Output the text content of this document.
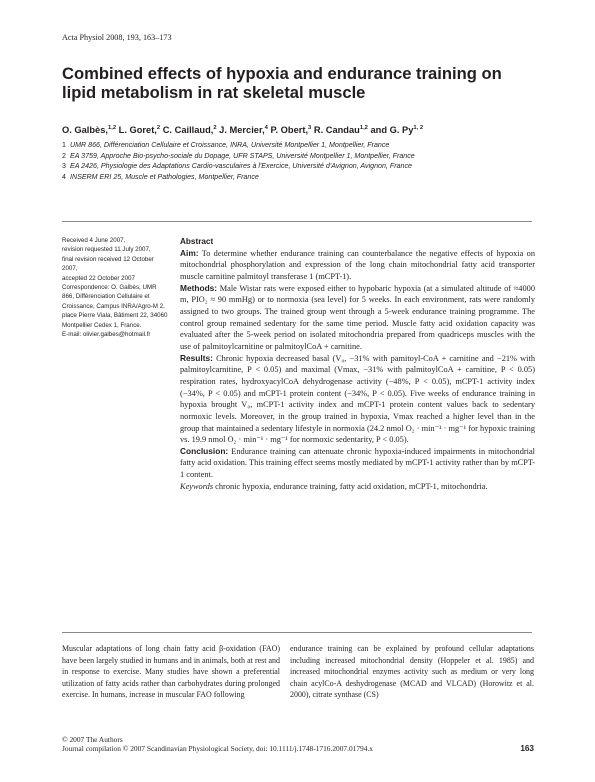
Acta Physiol 2008, 193, 163–173
Combined effects of hypoxia and endurance training on lipid metabolism in rat skeletal muscle
O. Galbès,$^{1,2}$ L. Goret,$^2$ C. Caillaud,$^2$ J. Mercier,$^4$ P. Obert,$^3$ R. Candau$^{1,2}$ and G. Py$^{1, 2}$
1 UMR 866, Différenciation Cellulaire et Croissance, INRA, Université Montpellier 1, Montpellier, France
2 EA 3759, Approche Bio-psycho-sociale du Dopage, UFR STAPS, Université Montpellier 1, Montpellier, France
3 EA 2426, Physiologie des Adaptations Cardio-vasculaires à l'Exercice, Université d'Avignon, Avignon, France
4 INSERM ERI 25, Muscle et Pathologies, Montpellier, France
Received 4 June 2007,
revision requested 11 July 2007,
final revision received 12 October 2007,
accepted 22 October 2007
Correspondence: O. Galbès, UMR 866, Différenciation Cellulaire et Croissance, Campus INRA/Agro-M 2, place Pierre Viala, Bâtiment 22, 34060 Montpellier Cedex 1, France.
E-mail: olivier.galbes@hotmail.fr
Abstract

Aim: To determine whether endurance training can counterbalance the negative effects of hypoxia on mitochondrial phosphorylation and expression of the long chain mitochondrial fatty acid transporter muscle carnitine palmitoyl transferase 1 (mCPT-1).

Methods: Male Wistar rats were exposed either to hypobaric hypoxia (at a simulated altitude of ≈4000 m, PIO₂ ≈ 90 mmHg) or to normoxia (sea level) for 5 weeks. In each environment, rats were randomly assigned to two groups. The trained group went through a 5-week endurance training programme. The control group remained sedentary for the same time period. Muscle fatty acid oxidation capacity was evaluated after the 5-week period on isolated mitochondria prepared from quadriceps muscles with the use of palmitoylcarnitine or palmitoylCoA + carnitine.

Results: Chronic hypoxia decreased basal (V₀, −31% with pamitoyl-CoA + carnitine and −21% with palmitoylcarnitine, P < 0.05) and maximal (Vmax, −31% with palmitoylCoA + carnitine, P < 0.05) respiration rates, hydroxyacylCoA dehydrogenase activity (−48%, P < 0.05), mCPT-1 activity index (−34%, P < 0.05) and mCPT-1 protein content (−34%, P < 0.05). Five weeks of endurance training in hypoxia brought V₀, mCPT-1 activity index and mCPT-1 protein content values back to sedentary normoxic levels. Moreover, in the group trained in hypoxia, Vmax reached a higher level than in the group that maintained a sedentary lifestyle in normoxia (24.2 nmol O₂ · min⁻¹ · mg⁻¹ for hypoxic training vs. 19.9 nmol O₂ · min⁻¹ · mg⁻¹ for normoxic sedentarity, P < 0.05).

Conclusion: Endurance training can attenuate chronic hypoxia-induced impairments in mitochondrial fatty acid oxidation. This training effect seems mostly mediated by mCPT-1 activity rather than by mCPT-1 content.

Keywords chronic hypoxia, endurance training, fatty acid oxidation, mCPT-1, mitochondria.

Muscular adaptations of long chain fatty acid β-oxidation (FAO) have been largely studied in humans and in animals, both at rest and in response to exercise. Many studies have shown a preferential utilization of fatty acids rather than carbohydrates during prolonged exercise. In humans, increase in muscular FAO following
endurance training can be explained by profound cellular adaptations including increased mitochondrial density (Hoppeler et al. 1985) and increased mitochondrial enzymes activity such as medium or very long chain acylCo-A deshydrogenase (MCAD and VLCAD) (Horowitz et al. 2000), citrate synthase (CS)
© 2007 The Authors
Journal compilation © 2007 Scandinavian Physiological Society, doi: 10.1111/j.1748-1716.2007.01794.x	163
